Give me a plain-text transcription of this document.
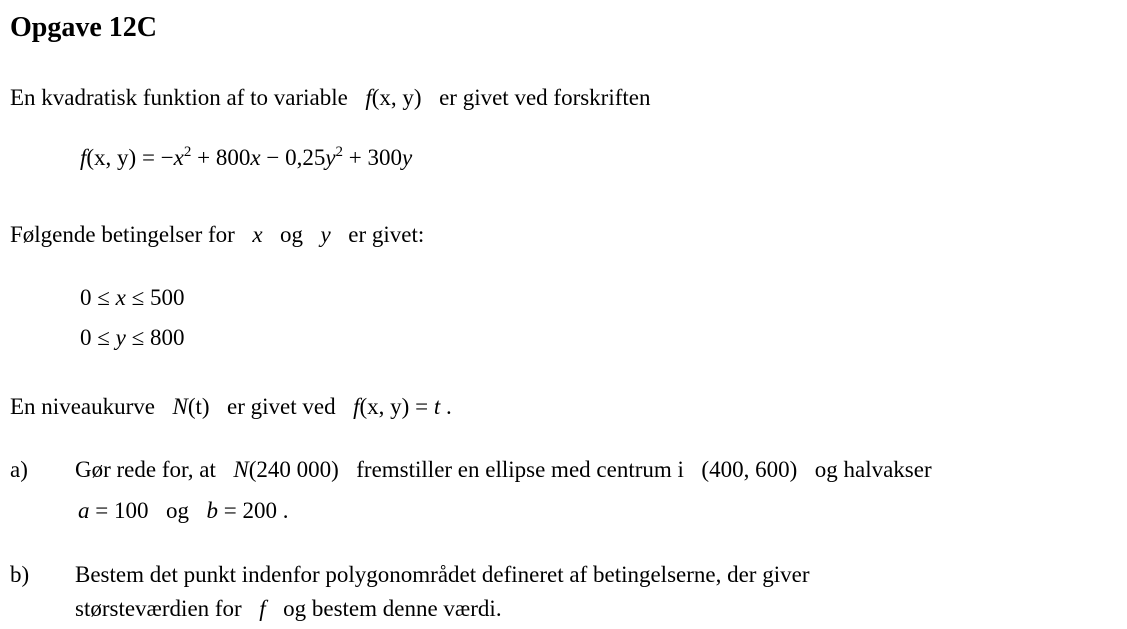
Opgave 12C
En kvadratisk funktion af to variable f(x, y) er givet ved forskriften
f(x, $y) = -x^2 + 800x - 0,25y^2 + 300y$
Følgende betingelser for x og y er givet:
0 ≤ x ≤ 500
0 ≤ y ≤ 800
En niveaukurve N(t) er givet ved f(x, y) = t .
a) Gør rede for, at N(240 000) fremstiller en ellipse med centrum i (400, 600) og halvakser
a = 100 og b = 200 .
b) Bestem det punkt indenfor polygonområdet defineret af betingelserne, der giver
størsteværdien for f og bestem denne værdi.
